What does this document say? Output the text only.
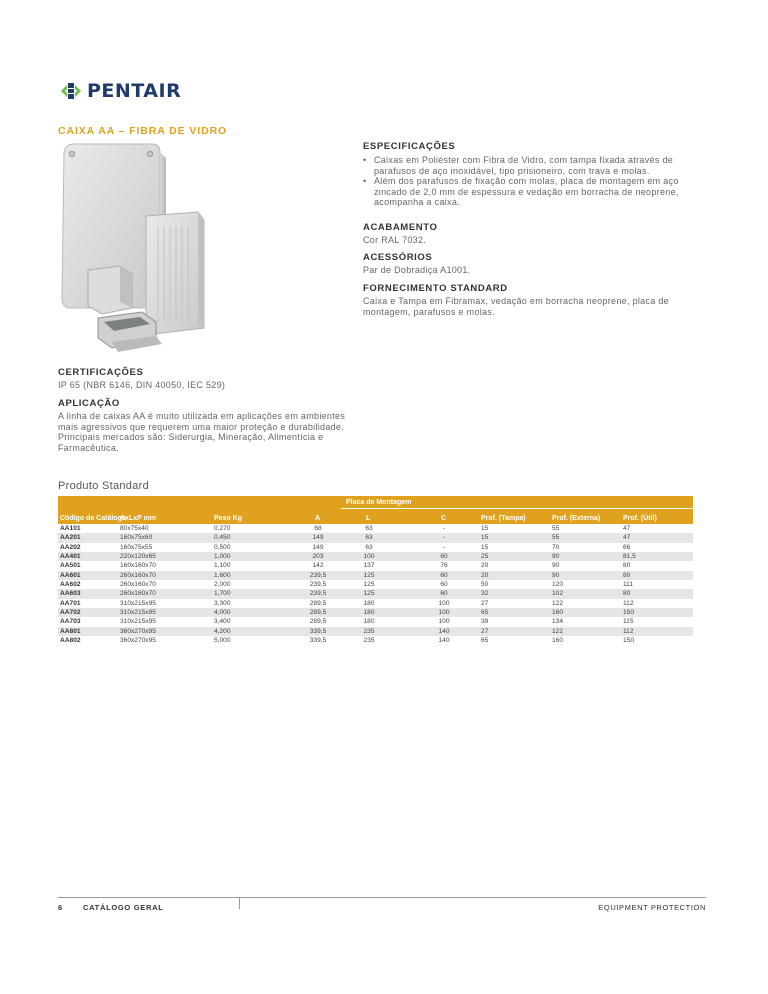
PENTAIR
CAIXA AA – FIBRA DE VIDRO

ESPECIFICAÇÕES

• Caixas em Poliéster com Fibra de Vidro, com tampa fixada através de parafusos de aço inoxidável, tipo prisioneiro, com trava e molas.
• Além dos parafusos de fixação com molas, placa de montagem em aço zincado de 2,0 mm de espessura e vedação em borracha de neoprene, acompanha a caixa.

ACABAMENTO

Cor RAL 7032.

ACESSÓRIOS

Par de Dobradiça A1001.

FORNECIMENTO STANDARD

Caixa e Tampa em Fibramax, vedação em borracha neoprene, placa de montagem, parafusos e molas.

CERTIFICAÇÕES

IP 65 (NBR 6146, DIN 40050, IEC 529)

APLICAÇÃO

A linha de caixas AA é muito utilizada em aplicações em ambientes mais agressivos que requerem uma maior proteção e durabilidade. Principais mercados são: Siderurgia, Mineração, Alimentícia e Farmacêutica.

Produto Standard
Placa de Montagem
Código de Catálogo
AxLxP mm	Peso Kg	A	L	C	Prof. (Tampa)	Prof. (Externa)	Prof. (Útil)
AA101	80x75x40	0,270	68	63	-	15	55	47
AA201	160x75x60	0,450	149	63	-	15	55	47
AA202	160x75x55	0,500	149	63	-	15	70	66
AA401	220x120x65	1,000	203	100	60	25	90	81,5
AA501	160x160x70	1,100	142	137	76	20	90	80
AA601	260x160x70	1,600	239,5	125	60	20	90	80
AA602	260x160x70	2,000	239,5	125	60	50	120	111
AA603	260x160x70	1,700	239,5	125	60	32	102	80
AA701	310x215x95	3,300	289,5	180	100	27	122	112
AA702	310x215x95	4,000	289,5	180	100	65	160	150
AA703	310x215x95	3,400	289,5	180	100	39	134	115
AA801	360x270x95	4,200	339,5	235	140	27	122	112
AA802	360x270x95	5,000	339,5	235	140	65	160	150
6	CATÁLOGO GERAL	EQUIPMENT PROTECTION
